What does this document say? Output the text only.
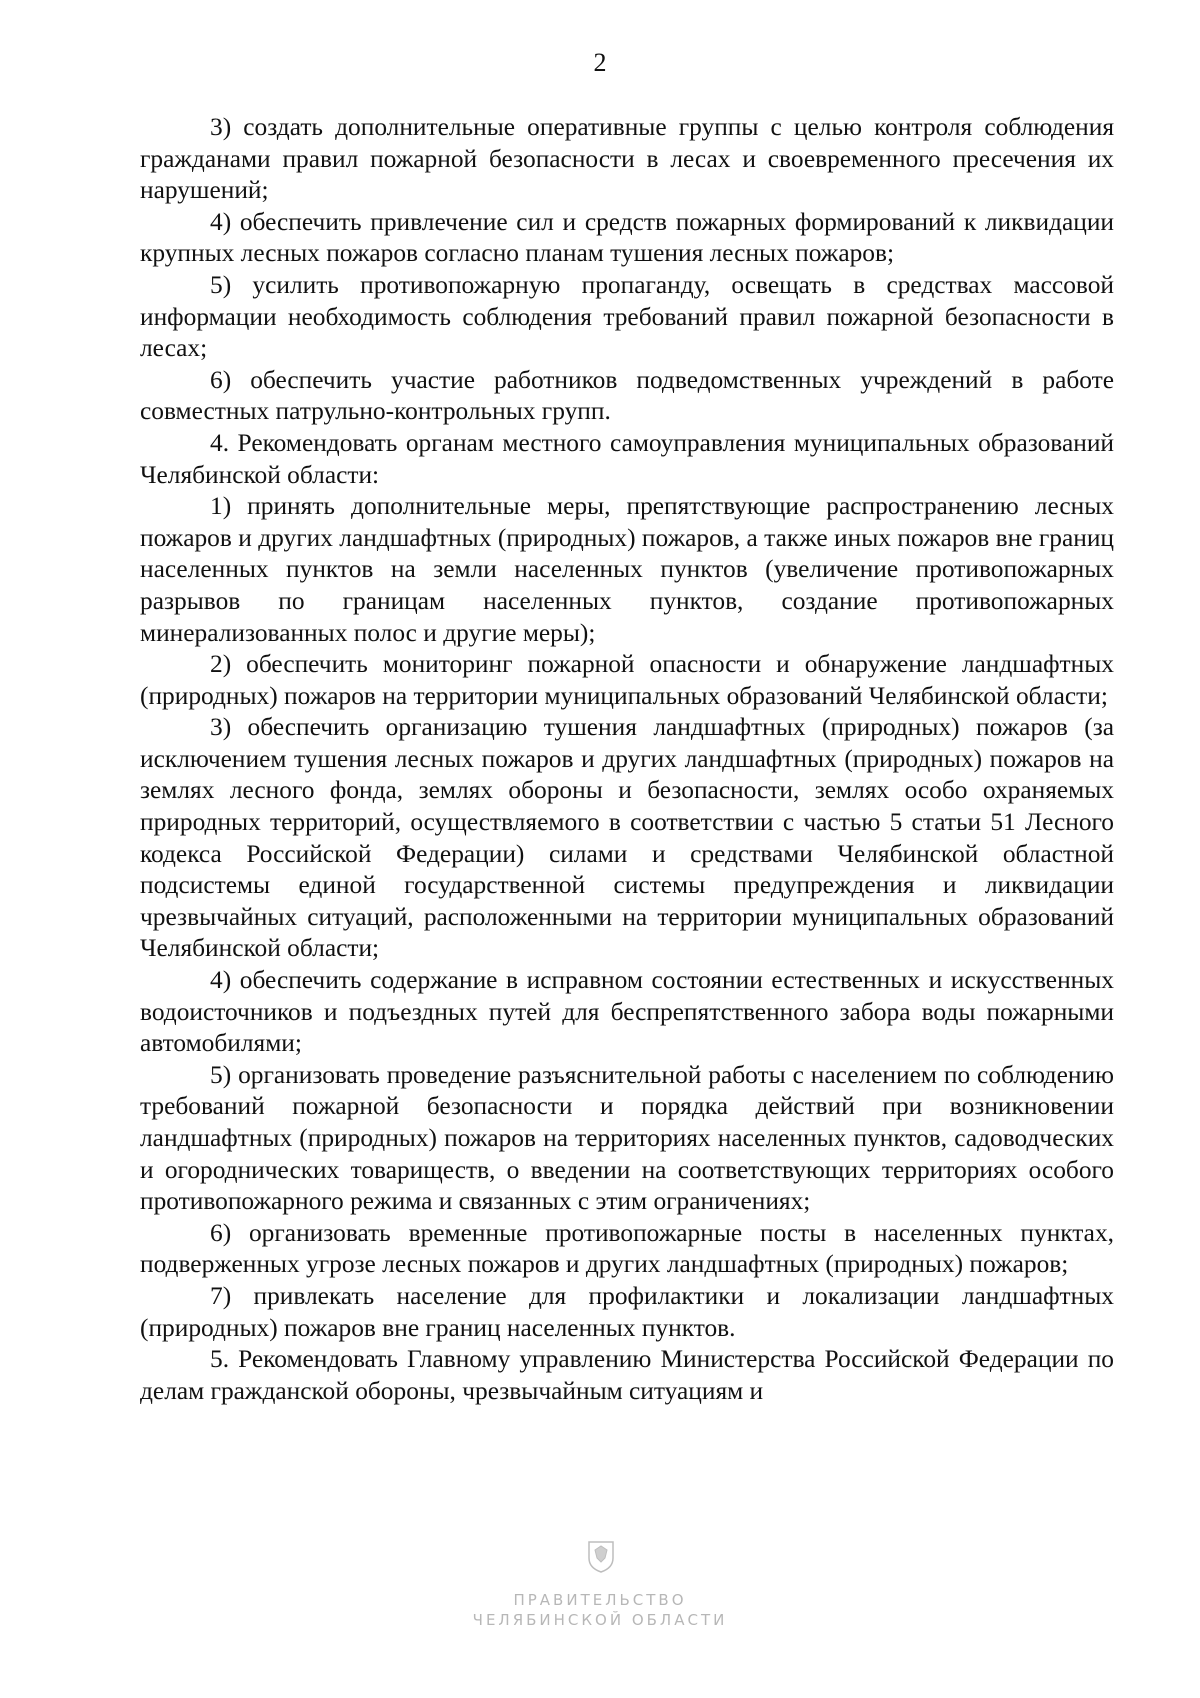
2

3) создать дополнительные оперативные группы с целью контроля соблюдения гражданами правил пожарной безопасности в лесах и своевременного пресечения их нарушений;

4) обеспечить привлечение сил и средств пожарных формирований к ликвидации крупных лесных пожаров согласно планам тушения лесных пожаров;

5) усилить противопожарную пропаганду, освещать в средствах массовой информации необходимость соблюдения требований правил пожарной безопасности в лесах;

6) обеспечить участие работников подведомственных учреждений в работе совместных патрульно-контрольных групп.

4. Рекомендовать органам местного самоуправления муниципальных образований Челябинской области:

1) принять дополнительные меры, препятствующие распространению лесных пожаров и других ландшафтных (природных) пожаров, а также иных пожаров вне границ населенных пунктов на земли населенных пунктов (увеличение противопожарных разрывов по границам населенных пунктов, создание противопожарных минерализованных полос и другие меры);

2) обеспечить мониторинг пожарной опасности и обнаружение ландшафтных (природных) пожаров на территории муниципальных образований Челябинской области;

3) обеспечить организацию тушения ландшафтных (природных) пожаров (за исключением тушения лесных пожаров и других ландшафтных (природных) пожаров на землях лесного фонда, землях обороны и безопасности, землях особо охраняемых природных территорий, осуществляемого в соответствии с частью 5 статьи 51 Лесного кодекса Российской Федерации) силами и средствами Челябинской областной подсистемы единой государственной системы предупреждения и ликвидации чрезвычайных ситуаций, расположенными на территории муниципальных образований Челябинской области;

4) обеспечить содержание в исправном состоянии естественных и искусственных водоисточников и подъездных путей для беспрепятственного забора воды пожарными автомобилями;

5) организовать проведение разъяснительной работы с населением по соблюдению требований пожарной безопасности и порядка действий при возникновении ландшафтных (природных) пожаров на территориях населенных пунктов, садоводческих и огороднических товариществ, о введении на соответствующих территориях особого противопожарного режима и связанных с этим ограничениях;

6) организовать временные противопожарные посты в населенных пунктах, подверженных угрозе лесных пожаров и других ландшафтных (природных) пожаров;

7) привлекать население для профилактики и локализации ландшафтных (природных) пожаров вне границ населенных пунктов.

5. Рекомендовать Главному управлению Министерства Российской Федерации по делам гражданской обороны, чрезвычайным ситуациям и

ПРАВИТЕЛЬСТВО
ЧЕЛЯБИНСКОЙ ОБЛАСТИ
